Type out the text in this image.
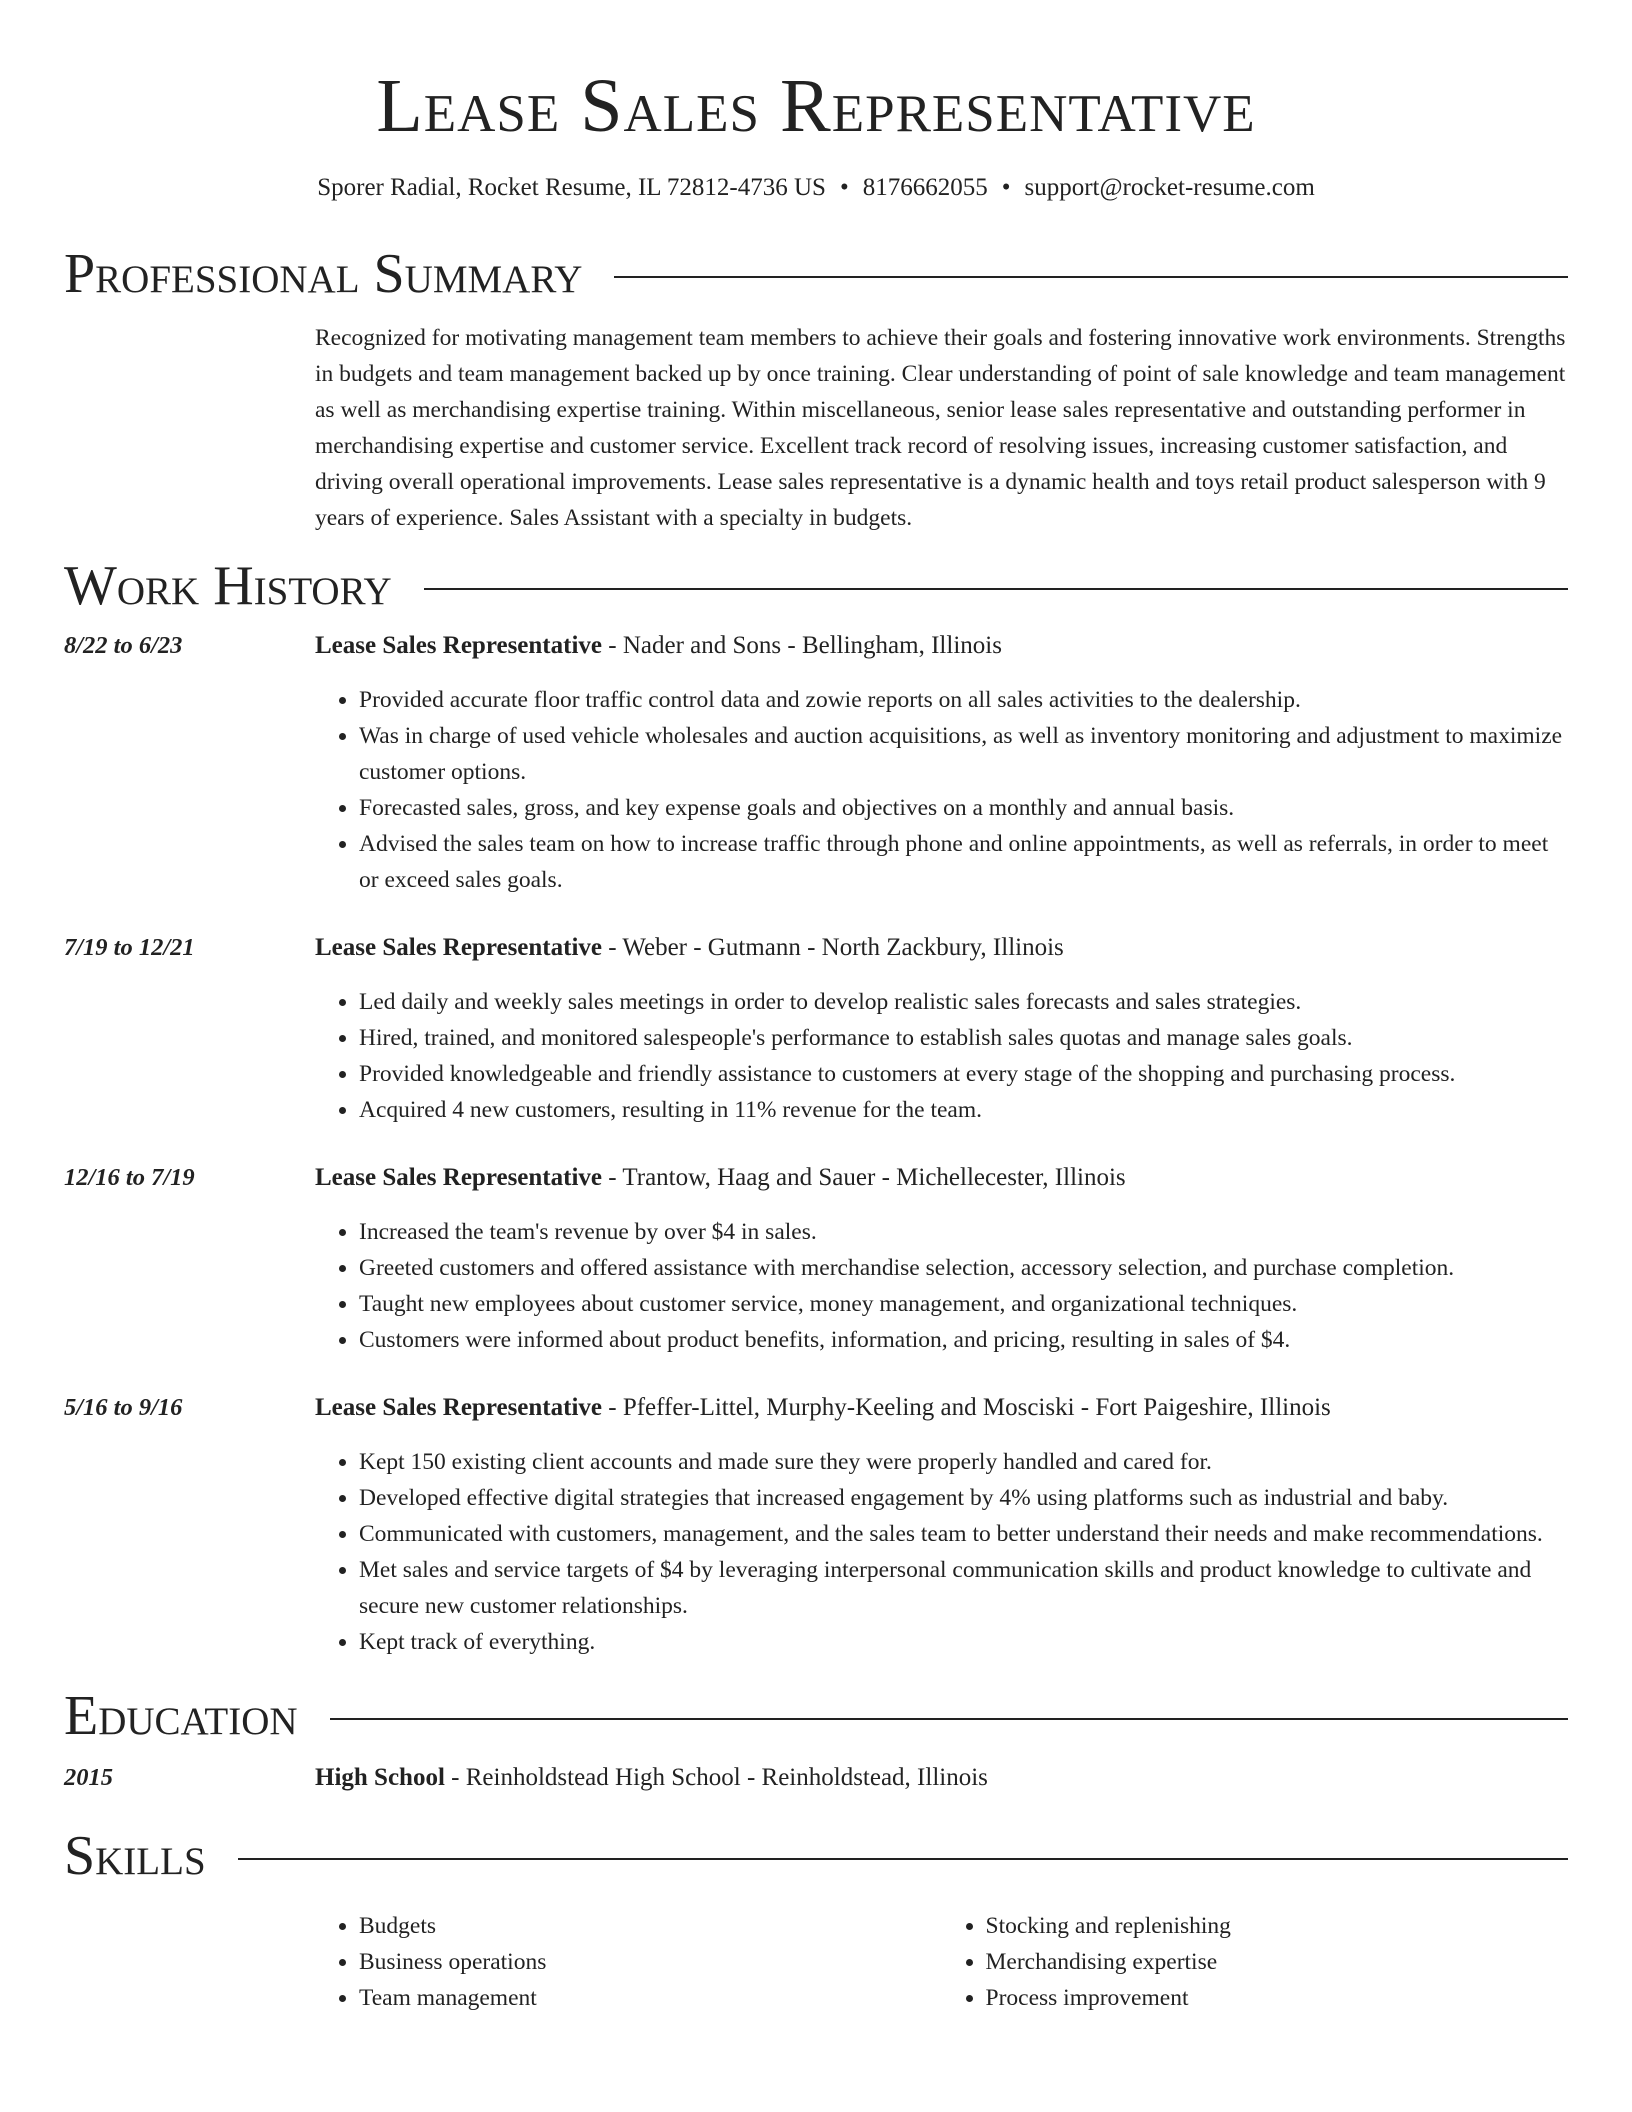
Lease Sales Representative
Sporer Radial, Rocket Resume, IL 72812-4736 US • 8176662055 • support@rocket-resume.com
Professional Summary
Recognized for motivating management team members to achieve their goals and fostering innovative work environments. Strengths in budgets and team management backed up by once training. Clear understanding of point of sale knowledge and team management as well as merchandising expertise training. Within miscellaneous, senior lease sales representative and outstanding performer in merchandising expertise and customer service. Excellent track record of resolving issues, increasing customer satisfaction, and driving overall operational improvements. Lease sales representative is a dynamic health and toys retail product salesperson with 9 years of experience. Sales Assistant with a specialty in budgets.
Work History
8/22 to 6/23	Lease Sales Representative - Nader and Sons - Bellingham, Illinois
• Provided accurate floor traffic control data and zowie reports on all sales activities to the dealership.
• Was in charge of used vehicle wholesales and auction acquisitions, as well as inventory monitoring and adjustment to maximize customer options.
• Forecasted sales, gross, and key expense goals and objectives on a monthly and annual basis.
• Advised the sales team on how to increase traffic through phone and online appointments, as well as referrals, in order to meet or exceed sales goals.
7/19 to 12/21	Lease Sales Representative - Weber - Gutmann - North Zackbury, Illinois
• Led daily and weekly sales meetings in order to develop realistic sales forecasts and sales strategies.
• Hired, trained, and monitored salespeople's performance to establish sales quotas and manage sales goals.
• Provided knowledgeable and friendly assistance to customers at every stage of the shopping and purchasing process.
• Acquired 4 new customers, resulting in 11% revenue for the team.
12/16 to 7/19	Lease Sales Representative - Trantow, Haag and Sauer - Michellecester, Illinois
• Increased the team's revenue by over $4 in sales.
• Greeted customers and offered assistance with merchandise selection, accessory selection, and purchase completion.
• Taught new employees about customer service, money management, and organizational techniques.
• Customers were informed about product benefits, information, and pricing, resulting in sales of $4.
5/16 to 9/16	Lease Sales Representative - Pfeffer-Littel, Murphy-Keeling and Mosciski - Fort Paigeshire, Illinois
• Kept 150 existing client accounts and made sure they were properly handled and cared for.
• Developed effective digital strategies that increased engagement by 4% using platforms such as industrial and baby.
• Communicated with customers, management, and the sales team to better understand their needs and make recommendations.
• Met sales and service targets of $4 by leveraging interpersonal communication skills and product knowledge to cultivate and secure new customer relationships.
• Kept track of everything.
Education
2015	High School - Reinholdstead High School - Reinholdstead, Illinois
Skills
• Budgets
• Business operations
• Team management
• Stocking and replenishing
• Merchandising expertise
• Process improvement
